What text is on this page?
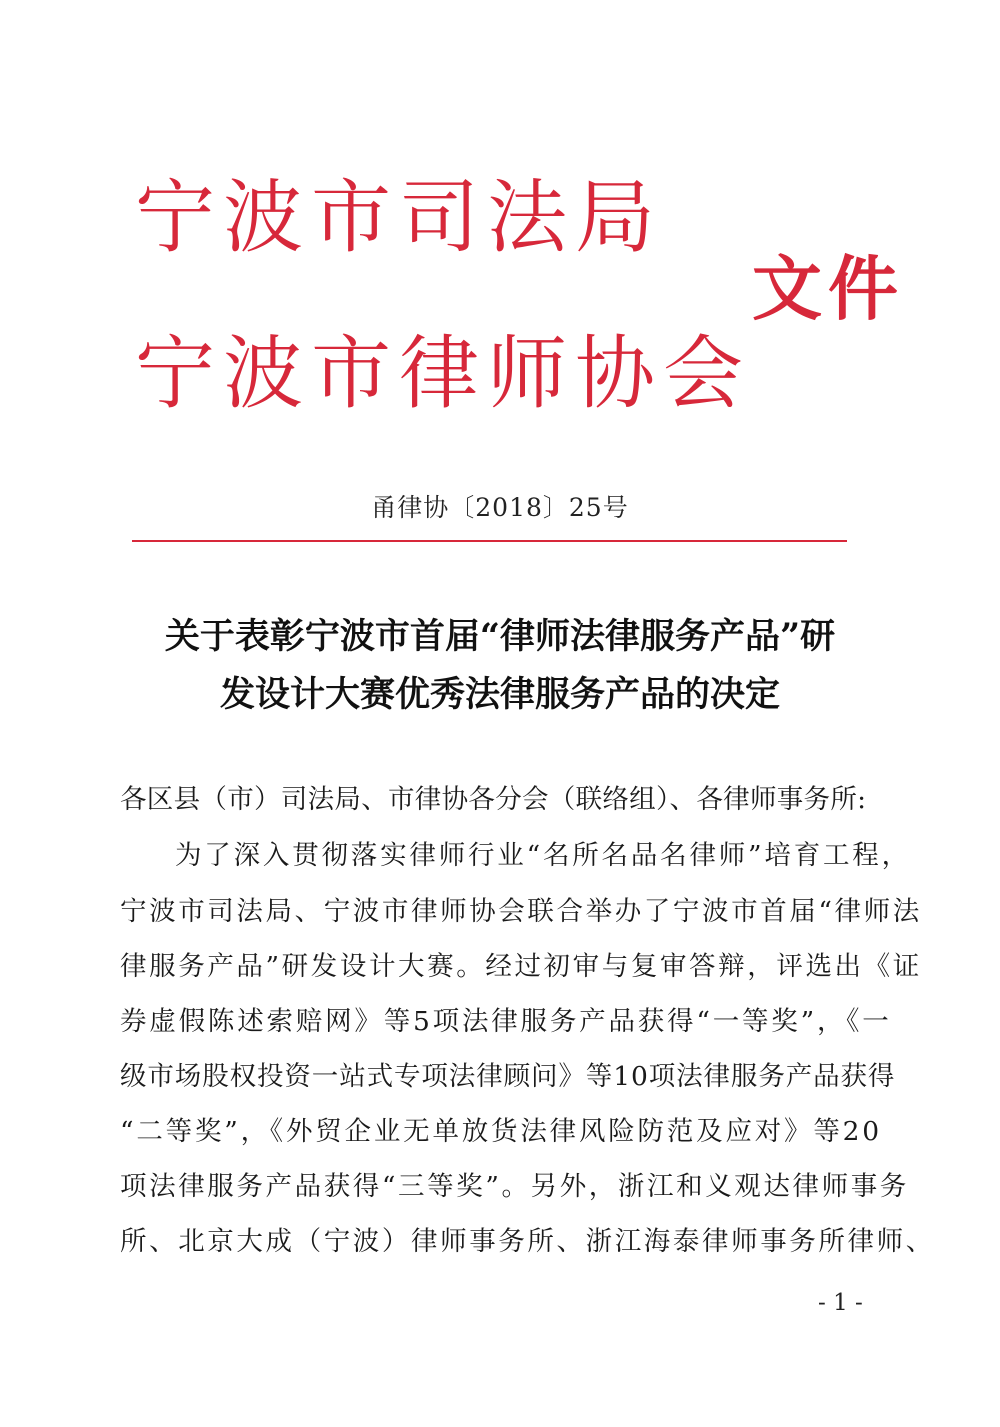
宁波市司法局
宁波市律师协会
文件
甬律协〔2018〕25号
关于表彰宁波市首届“律师法律服务产品”研
发设计大赛优秀法律服务产品的决定
各区县（市）司法局、市律协各分会（联络组）、各律师事务所:
为了深入贯彻落实律师行业“名所名品名律师”培育工程，
宁波市司法局、宁波市律师协会联合举办了宁波市首届“律师法
律服务产品”研发设计大赛。经过初审与复审答辩，评选出《证
券虚假陈述索赔网》等5项法律服务产品获得“一等奖”，《一
级市场股权投资一站式专项法律顾问》等10项法律服务产品获得
“二等奖”，《外贸企业无单放货法律风险防范及应对》等20
项法律服务产品获得“三等奖”。另外，浙江和义观达律师事务
所、北京大成（宁波）律师事务所、浙江海泰律师事务所律师、
- 1 -
